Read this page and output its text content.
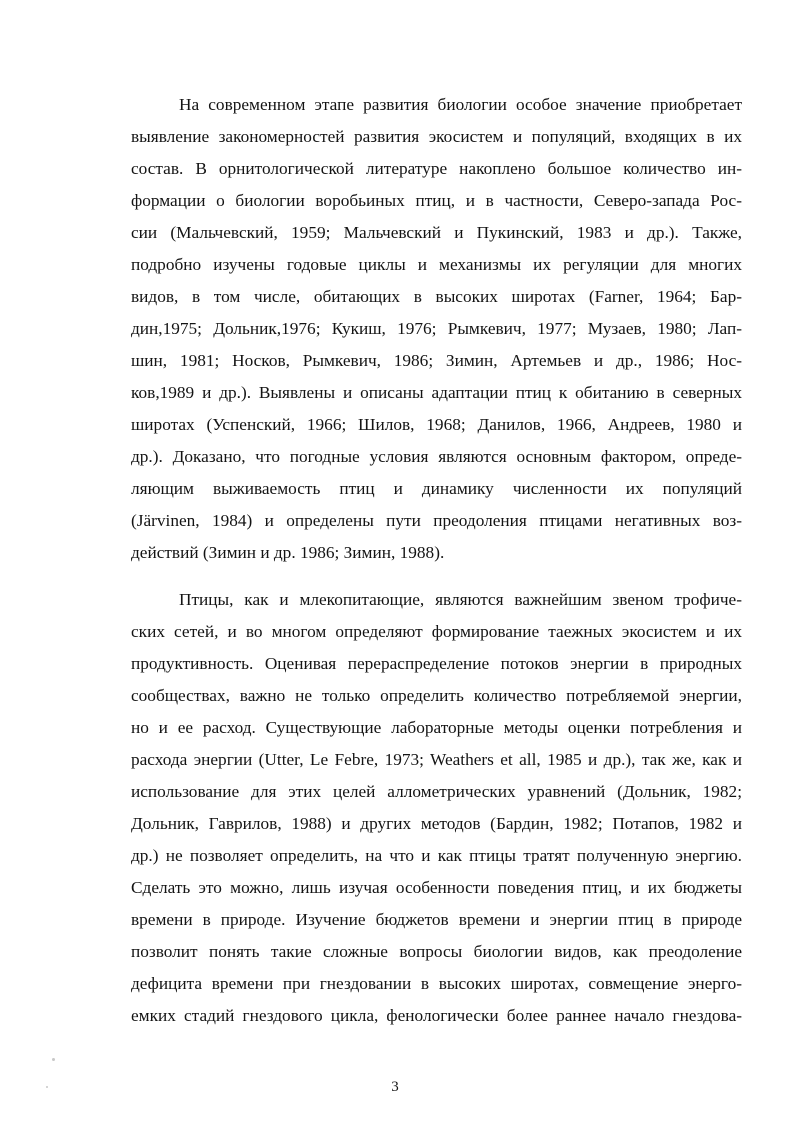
На современном этапе развития биологии особое значение приобретает
выявление закономерностей развития экосистем и популяций, входящих в их
состав. В орнитологической литературе накоплено большое количество ин-
формации о биологии воробьиных птиц, и в частности, Северо-запада Рос-
сии (Мальчевский, 1959; Мальчевский и Пукинский, 1983 и др.). Также,
подробно изучены годовые циклы и механизмы их регуляции для многих
видов, в том числе, обитающих в высоких широтах (Farner, 1964; Бар-
дин,1975; Дольник,1976; Кукиш, 1976; Рымкевич, 1977; Музаев, 1980; Лап-
шин, 1981; Носков, Рымкевич, 1986; Зимин, Артемьев и др., 1986; Нос-
ков,1989 и др.). Выявлены и описаны адаптации птиц к обитанию в северных
широтах (Успенский, 1966; Шилов, 1968; Данилов, 1966, Андреев, 1980 и
др.). Доказано, что погодные условия являются основным фактором, опреде-
ляющим выживаемость птиц и динамику численности их популяций
(Järvinen, 1984) и определены пути преодоления птицами негативных воз-
действий (Зимин и др. 1986; Зимин, 1988).
Птицы, как и млекопитающие, являются важнейшим звеном трофиче-
ских сетей, и во многом определяют формирование таежных экосистем и их
продуктивность. Оценивая перераспределение потоков энергии в природных
сообществах, важно не только определить количество потребляемой энергии,
но и ее расход. Существующие лабораторные методы оценки потребления и
расхода энергии (Utter, Le Febre, 1973; Weathers et all, 1985 и др.), так же, как и
использование для этих целей аллометрических уравнений (Дольник, 1982;
Дольник, Гаврилов, 1988) и других методов (Бардин, 1982; Потапов, 1982 и
др.) не позволяет определить, на что и как птицы тратят полученную энергию.
Сделать это можно, лишь изучая особенности поведения птиц, и их бюджеты
времени в природе. Изучение бюджетов времени и энергии птиц в природе
позволит понять такие сложные вопросы биологии видов, как преодоление
дефицита времени при гнездовании в высоких широтах, совмещение энерго-
емких стадий гнездового цикла, фенологически более раннее начало гнездова-
3
